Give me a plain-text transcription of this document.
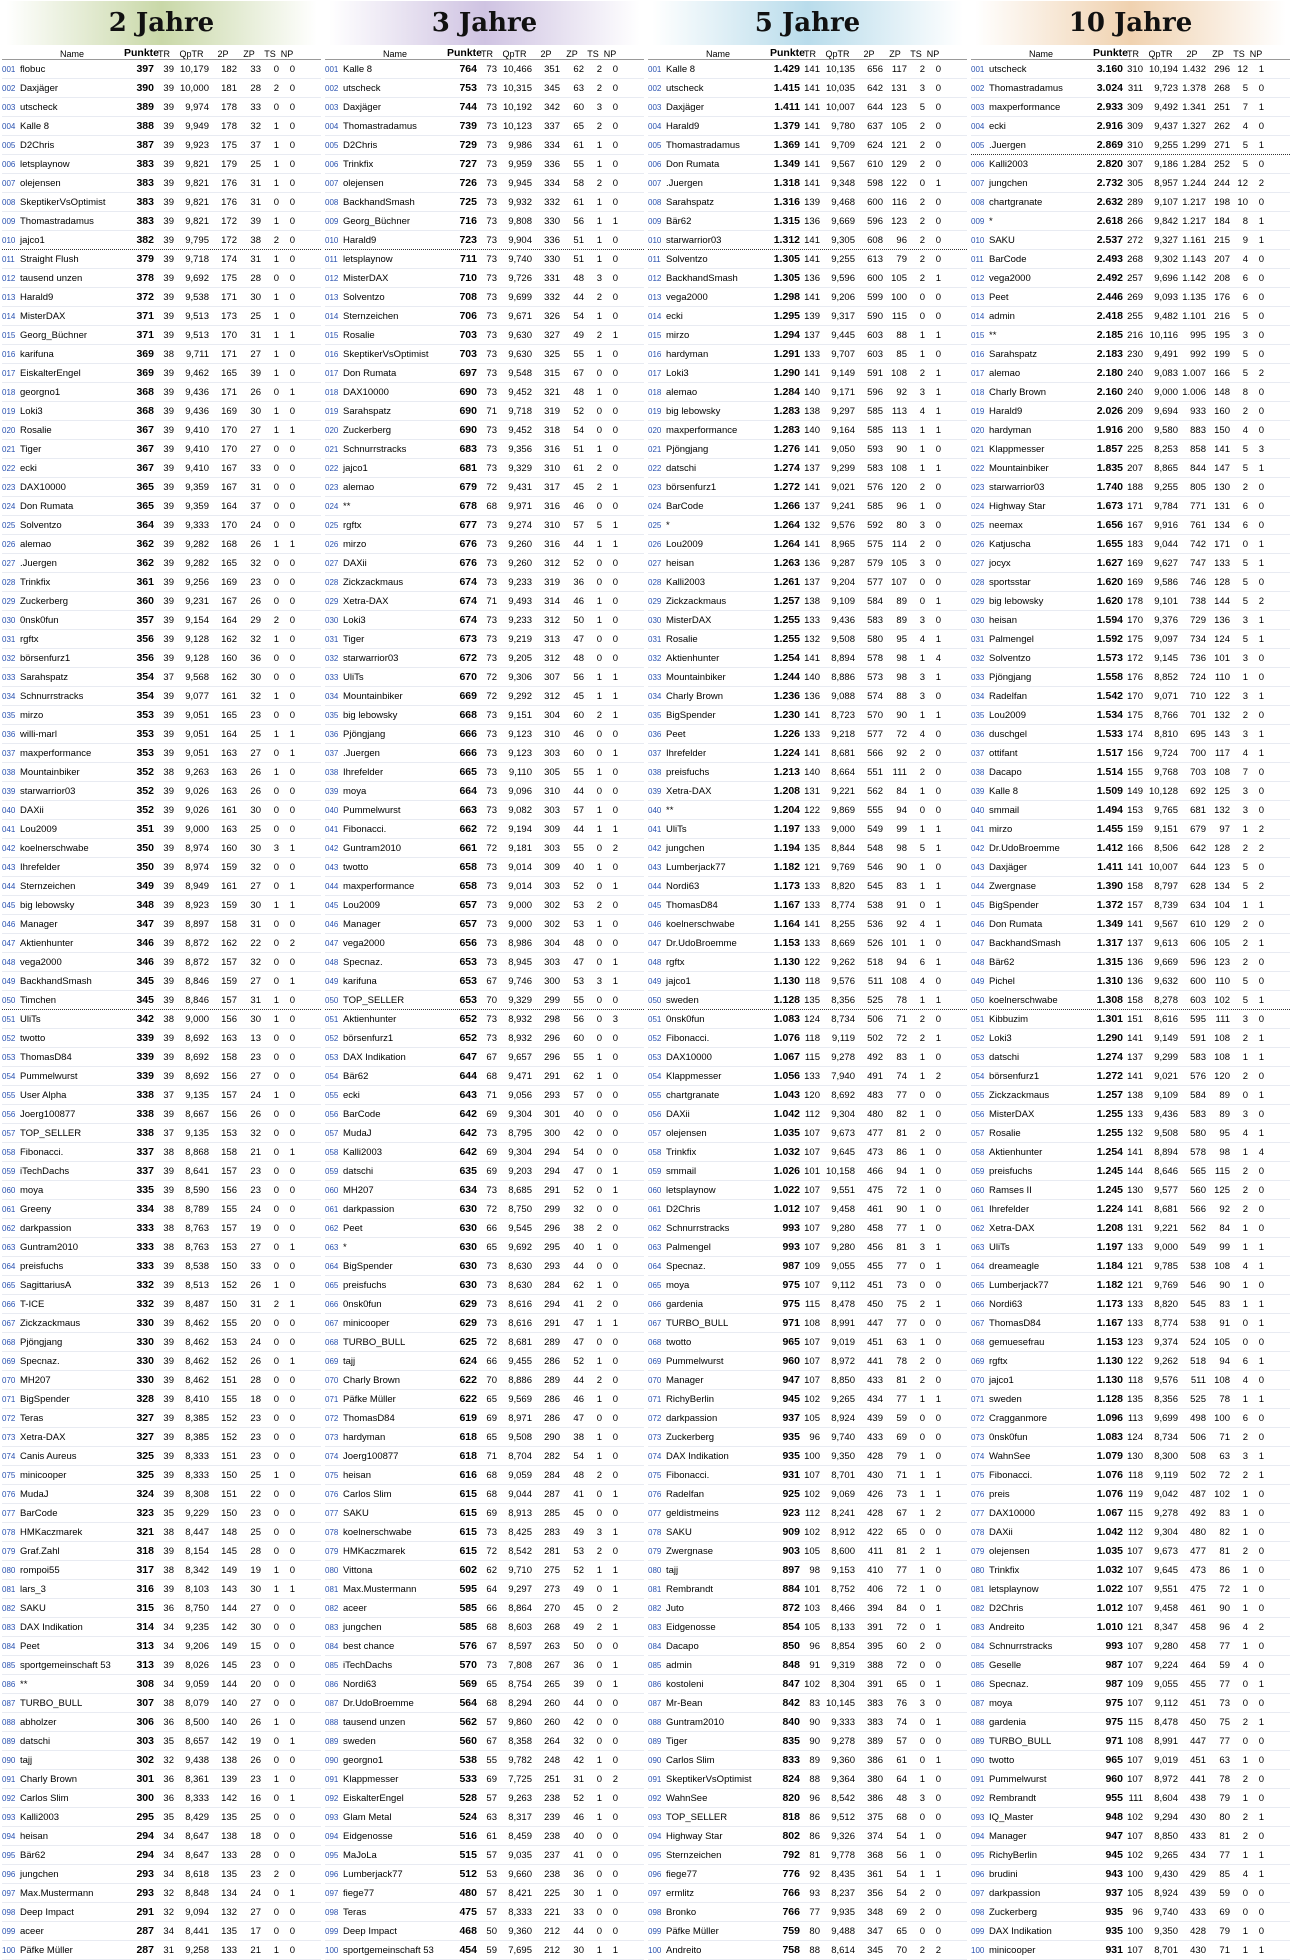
2 Jahre
Name	Punkte
TR	QpTR	2P	ZP	TS NP
001 flobuc	397 39 10,179	182	33	0	0
002 Daxjäger	390 39 10,000	181	28	2	0
003 utscheck	389 39	9,974	178	33	0	0
004 Kalle 8	388 39	9,949	178	32	1	0
005 D2Chris	387 39	9,923	175	37	1	0
006 letsplaynow	383 39	9,821	179	25	1	0
007 olejensen	383 39	9,821	176	31	1	0
008 SkeptikerVsOptimist	383 39	9,821	176	31	0	0
009 Thomastradamus	383 39	9,821	172	39	1	0
010 jajco1	382 39	9,795	172	38	2	0
011 Straight Flush	379 39	9,718	174	31	1	0
012 tausend unzen	378 39	9,692	175	28	0	0
013 Harald9	372 39	9,538	171	30	1	0
014 MisterDAX	371 39	9,513	173	25	1	0
015 Georg_Büchner	371 39	9,513	170	31	1	1
016 karifuna	369 38	9,711	171	27	1	0
017 EiskalterEngel	369 39	9,462	165	39	1	0
018 georgno1	368 39	9,436	171	26	0	1
019 Loki3	368 39	9,436	169	30	1	0
020 Rosalie	367 39	9,410	170	27	1	1
021 Tiger	367 39	9,410	170	27	0	0
022 ecki	367 39	9,410	167	33	0	0
023 DAX10000	365 39	9,359	167	31	0	0
024 Don Rumata	365 39	9,359	164	37	0	0
025 Solventzo	364 39	9,333	170	24	0	0
026 alemao	362 39	9,282	168	26	1	1
027 .Juergen	362 39	9,282	165	32	0	0
028 Trinkfix	361 39	9,256	169	23	0	0
029 Zuckerberg	360 39	9,231	167	26	0	0
030 0nsk0fun	357 39	9,154	164	29	2	0
031 rgftx	356 39	9,128	162	32	1	0
032 börsenfurz1	356 39	9,128	160	36	0	0
033 Sarahspatz	354 37	9,568	162	30	0	0
034 Schnurrstracks	354 39	9,077	161	32	1	0
035 mirzo	353 39	9,051	165	23	0	0
036 willi-marl	353 39	9,051	164	25	1	1
037 maxperformance	353 39	9,051	163	27	0	1
038 Mountainbiker	352 38	9,263	163	26	1	0
039 starwarrior03	352 39	9,026	163	26	0	0
040 DAXii	352 39	9,026	161	30	0	0
041 Lou2009	351 39	9,000	163	25	0	0
042 koelnerschwabe	350 39	8,974	160	30	3	1
043 Ihrefelder	350 39	8,974	159	32	0	0
044 Sternzeichen	349 39	8,949	161	27	0	1
045 big lebowsky	348 39	8,923	159	30	1	1
046 Manager	347 39	8,897	158	31	0	0
047 Aktienhunter	346 39	8,872	162	22	0	2
048 vega2000	346 39	8,872	157	32	0	0
049 BackhandSmash	345 39	8,846	159	27	0	1
050 Timchen	345 39	8,846	157	31	1	0
051 UliTs	342 38	9,000	156	30	1	0
052 twotto	339 39	8,692	163	13	0	0
053 ThomasD84	339 39	8,692	158	23	0	0
054 Pummelwurst	339 39	8,692	156	27	0	0
055 User Alpha	338 37	9,135	157	24	1	0
056 Joerg100877	338 39	8,667	156	26	0	0
057 TOP_SELLER	338 37	9,135	153	32	0	0
058 Fibonacci.	337 38	8,868	158	21	0	1
059 iTechDachs	337 39	8,641	157	23	0	0
060 moya	335 39	8,590	156	23	0	0
061 Greeny	334 38	8,789	155	24	0	0
062 darkpassion	333 38	8,763	157	19	0	0
063 Guntram2010	333 38	8,763	153	27	0	1
064 preisfuchs	333 39	8,538	150	33	0	0
065 SagittariusA	332 39	8,513	152	26	1	0
066 T-ICE	332 39	8,487	150	31	2	1
067 Zickzackmaus	330 39	8,462	155	20	0	0
068 Pjöngjang	330 39	8,462	153	24	0	0
069 Specnaz.	330 39	8,462	152	26	0	1
070 MH207	330 39	8,462	151	28	0	0
071 BigSpender	328 39	8,410	155	18	0	0
072 Teras	327 39	8,385	152	23	0	0
073 Xetra-DAX	327 39	8,385	152	23	0	0
074 Canis Aureus	325 39	8,333	151	23	0	0
075 minicooper	325 39	8,333	150	25	1	0
076 MudaJ	324 39	8,308	151	22	0	0
077 BarCode	323 35	9,229	150	23	0	0
078 HMKaczmarek	321 38	8,447	148	25	0	0
079 Graf.Zahl	318 39	8,154	145	28	0	0
080 rompoi55	317 38	8,342	149	19	1	0
081 lars_3	316 39	8,103	143	30	1	1
082 SAKU	315 36	8,750	144	27	0	0
083 DAX Indikation	314 34	9,235	142	30	0	0
084 Peet	313 34	9,206	149	15	0	0
085 sportgemeinschaft 53	313 39	8,026	145	23	0	0
086 **	308 34	9,059	144	20	0	0
087 TURBO_BULL	307 38	8,079	140	27	0	0
088 abholzer	306 36	8,500	140	26	1	0
089 datschi	303 35	8,657	142	19	0	1
090 tajj	302 32	9,438	138	26	0	0
091 Charly Brown	301 36	8,361	139	23	1	0
092 Carlos Slim	300 36	8,333	142	16	0	1
093 Kalli2003	295 35	8,429	135	25	0	0
094 heisan	294 34	8,647	138	18	0	0
095 Bär62	294 34	8,647	133	28	0	0
096 jungchen	293 34	8,618	135	23	2	0
097 Max.Mustermann	293 32	8,848	134	24	0	1
098 Deep Impact	291 32	9,094	132	27	0	0
099 aceer	287 34	8,441	135	17	0	0
100 Päfke Müller	287 31	9,258	133	21	1	0
3 Jahre
Name	Punkte
TR	QpTR	2P	ZP	TS NP
001 Kalle 8	764 73 10,466	351	62	2	0
002 utscheck	753 73 10,315	345	63	2	0
003 Daxjäger	744 73 10,192	342	60	3	0
004 Thomastradamus	739 73 10,123	337	65	2	0
005 D2Chris	729 73	9,986	334	61	1	0
006 Trinkfix	727 73	9,959	336	55	1	0
007 olejensen	726 73	9,945	334	58	2	0
008 BackhandSmash	725 73	9,932	332	61	1	0
009 Georg_Büchner	716 73	9,808	330	56	1	1
010 Harald9	723 73	9,904	336	51	1	0
011 letsplaynow	711 73	9,740	330	51	1	0
012 MisterDAX	710 73	9,726	331	48	3	0
013 Solventzo	708 73	9,699	332	44	2	0
014 Sternzeichen	706 73	9,671	326	54	1	0
015 Rosalie	703 73	9,630	327	49	2	1
016 SkeptikerVsOptimist	703 73	9,630	325	55	1	0
017 Don Rumata	697 73	9,548	315	67	0	0
018 DAX10000	690 73	9,452	321	48	1	0
019 Sarahspatz	690 71	9,718	319	52	0	0
020 Zuckerberg	690 73	9,452	318	54	0	0
021 Schnurrstracks	683 73	9,356	316	51	1	0
022 jajco1	681 73	9,329	310	61	2	0
023 alemao	679 72	9,431	317	45	2	1
024 **	678 68	9,971	316	46	0	0
025 rgftx	677 73	9,274	310	57	5	1
026 mirzo	676 73	9,260	316	44	1	1
027 DAXii	676 73	9,260	312	52	0	0
028 Zickzackmaus	674 73	9,233	319	36	0	0
029 Xetra-DAX	674 71	9,493	314	46	1	0
030 Loki3	674 73	9,233	312	50	1	0
031 Tiger	673 73	9,219	313	47	0	0
032 starwarrior03	672 73	9,205	312	48	0	0
033 UliTs	670 72	9,306	307	56	1	1
034 Mountainbiker	669 72	9,292	312	45	1	1
035 big lebowsky	668 73	9,151	304	60	2	1
036 Pjöngjang	666 73	9,123	310	46	0	0
037 .Juergen	666 73	9,123	303	60	0	1
038 Ihrefelder	665 73	9,110	305	55	1	0
039 moya	664 73	9,096	310	44	0	0
040 Pummelwurst	663 73	9,082	303	57	1	0
041 Fibonacci.	662 72	9,194	309	44	1	1
042 Guntram2010	661 72	9,181	303	55	0	2
043 twotto	658 73	9,014	309	40	1	0
044 maxperformance	658 73	9,014	303	52	0	1
045 Lou2009	657 73	9,000	302	53	2	0
046 Manager	657 73	9,000	302	53	1	0
047 vega2000	656 73	8,986	304	48	0	0
048 Specnaz.	653 73	8,945	303	47	0	1
049 karifuna	653 67	9,746	300	53	3	1
050 TOP_SELLER	653 70	9,329	299	55	0	0
051 Aktienhunter	652 73	8,932	298	56	0	3
052 börsenfurz1	652 73	8,932	296	60	0	0
053 DAX Indikation	647 67	9,657	296	55	1	0
054 Bär62	644 68	9,471	291	62	1	0
055 ecki	643 71	9,056	293	57	0	0
056 BarCode	642 69	9,304	301	40	0	0
057 MudaJ	642 73	8,795	300	42	0	0
058 Kalli2003	642 69	9,304	294	54	0	0
059 datschi	635 69	9,203	294	47	0	1
060 MH207	634 73	8,685	291	52	0	1
061 darkpassion	630 72	8,750	299	32	0	0
062 Peet	630 66	9,545	296	38	2	0
063 *	630 65	9,692	295	40	1	0
064 BigSpender	630 73	8,630	293	44	0	0
065 preisfuchs	630 73	8,630	284	62	1	0
066 0nsk0fun	629 73	8,616	294	41	2	0
067 minicooper	629 73	8,616	291	47	1	1
068 TURBO_BULL	625 72	8,681	289	47	0	0
069 tajj	624 66	9,455	286	52	1	0
070 Charly Brown	622 70	8,886	289	44	2	0
071 Päfke Müller	622 65	9,569	286	46	1	0
072 ThomasD84	619 69	8,971	286	47	0	0
073 hardyman	618 65	9,508	290	38	1	0
074 Joerg100877	618 71	8,704	282	54	1	0
075 heisan	616 68	9,059	284	48	2	0
076 Carlos Slim	615 68	9,044	287	41	0	1
077 SAKU	615 69	8,913	285	45	0	0
078 koelnerschwabe	615 73	8,425	283	49	3	1
079 HMKaczmarek	615 72	8,542	281	53	2	0
080 Vittona	602 62	9,710	275	52	1	1
081 Max.Mustermann	595 64	9,297	273	49	0	1
082 aceer	585 66	8,864	270	45	0	2
083 jungchen	585 68	8,603	268	49	2	1
084 best chance	576 67	8,597	263	50	0	0
085 iTechDachs	570 73	7,808	267	36	0	1
086 Nordi63	569 65	8,754	265	39	0	1
087 Dr.UdoBroemme	564 68	8,294	260	44	0	0
088 tausend unzen	562 57	9,860	260	42	0	0
089 sweden	560 67	8,358	264	32	0	0
090 georgno1	538 55	9,782	248	42	1	0
091 Klappmesser	533 69	7,725	251	31	0	2
092 EiskalterEngel	528 57	9,263	238	52	1	0
093 Glam Metal	524 63	8,317	239	46	1	0
094 Eidgenosse	516 61	8,459	238	40	0	0
095 MaJoLa	515 57	9,035	237	41	0	0
096 Lumberjack77	512 53	9,660	238	36	0	0
097 fiege77	480 57	8,421	225	30	1	0
098 Teras	475 57	8,333	221	33	0	0
099 Deep Impact	468 50	9,360	212	44	0	0
100 sportgemeinschaft 53	454 59	7,695	212	30	1	1
5 Jahre
Name	Punkte
TR	QpTR	2P	ZP	TS NP
001 Kalle 8	1.429 141 10,135	656 117	2	0
002 utscheck	1.415 141 10,035	642 131	3	0
003 Daxjäger	1.411 141 10,007	644 123	5	0
004 Harald9	1.379 141	9,780	637 105	2	0
005 Thomastradamus	1.369 141	9,709	624 121	2	0
006 Don Rumata	1.349 141	9,567	610 129	2	0
007 .Juergen	1.318 141	9,348	598 122	0	1
008 Sarahspatz	1.316 139	9,468	600 116	2	0
009 Bär62	1.315 136	9,669	596 123	2	0
010 starwarrior03	1.312 141	9,305	608	96	2	0
011 Solventzo	1.305 141	9,255	613	79	2	0
012 BackhandSmash	1.305 136	9,596	600 105	2	1
013 vega2000	1.298 141	9,206	599 100	0	0
014 ecki	1.295 139	9,317	590 115	0	0
015 mirzo	1.294 137	9,445	603	88	1	1
016 hardyman	1.291 133	9,707	603	85	1	0
017 Loki3	1.290 141	9,149	591 108	2	1
018 alemao	1.284 140	9,171	596	92	3	1
019 big lebowsky	1.283 138	9,297	585 113	4	1
020 maxperformance	1.283 140	9,164	585 113	1	1
021 Pjöngjang	1.276 141	9,050	593	90	1	0
022 datschi	1.274 137	9,299	583 108	1	1
023 börsenfurz1	1.272 141	9,021	576 120	2	0
024 BarCode	1.266 137	9,241	585	96	1	0
025 *	1.264 132	9,576	592	80	3	0
026 Lou2009	1.264 141	8,965	575 114	2	0
027 heisan	1.263 136	9,287	579 105	3	0
028 Kalli2003	1.261 137	9,204	577 107	0	0
029 Zickzackmaus	1.257 138	9,109	584	89	0	1
030 MisterDAX	1.255 133	9,436	583	89	3	0
031 Rosalie	1.255 132	9,508	580	95	4	1
032 Aktienhunter	1.254 141	8,894	578	98	1	4
033 Mountainbiker	1.244 140	8,886	573	98	3	1
034 Charly Brown	1.236 136	9,088	574	88	3	0
035 BigSpender	1.230 141	8,723	570	90	1	1
036 Peet	1.226 133	9,218	577	72	4	0
037 Ihrefelder	1.224 141	8,681	566	92	2	0
038 preisfuchs	1.213 140	8,664	551	111	2	0
039 Xetra-DAX	1.208 131	9,221	562	84	1	0
040 **	1.204 122	9,869	555	94	0	0
041 UliTs	1.197 133	9,000	549	99	1	1
042 jungchen	1.194 135	8,844	548	98	5	1
043 Lumberjack77	1.182 121	9,769	546	90	1	0
044 Nordi63	1.173 133	8,820	545	83	1	1
045 ThomasD84	1.167 133	8,774	538	91	0	1
046 koelnerschwabe	1.164 141	8,255	536	92	4	1
047 Dr.UdoBroemme	1.153 133	8,669	526 101	1	0
048 rgftx	1.130 122	9,262	518	94	6	1
049 jajco1	1.130 118	9,576	511 108	4	0
050 sweden	1.128 135	8,356	525	78	1	1
051 0nsk0fun	1.083 124	8,734	506	71	2	0
052 Fibonacci.	1.076 118	9,119	502	72	2	1
053 DAX10000	1.067 115	9,278	492	83	1	0
054 Klappmesser	1.056 133	7,940	491	74	1	2
055 chartgranate	1.043 120	8,692	483	77	0	0
056 DAXii	1.042 112	9,304	480	82	1	0
057 olejensen	1.035 107	9,673	477	81	2	0
058 Trinkfix	1.032 107	9,645	473	86	1	0
059 smmail	1.026 101 10,158	466	94	1	0
060 letsplaynow	1.022 107	9,551	475	72	1	0
061 D2Chris	1.012 107	9,458	461	90	1	0
062 Schnurrstracks	993 107	9,280	458	77	1	0
063 Palmengel	993 107	9,280	456	81	3	1
064 Specnaz.	987 109	9,055	455	77	0	1
065 moya	975 107	9,112	451	73	0	0
066 gardenia	975 115	8,478	450	75	2	1
067 TURBO_BULL	971 108	8,991	447	77	0	0
068 twotto	965 107	9,019	451	63	1	0
069 Pummelwurst	960 107	8,972	441	78	2	0
070 Manager	947 107	8,850	433	81	2	0
071 RichyBerlin	945 102	9,265	434	77	1	1
072 darkpassion	937 105	8,924	439	59	0	0
073 Zuckerberg	935 96	9,740	433	69	0	0
074 DAX Indikation	935 100	9,350	428	79	1	0
075 Fibonacci.	931 107	8,701	430	71	1	1
076 Radelfan	925 102	9,069	426	73	1	1
077 geldistmeins	923 112	8,241	428	67	1	2
078 SAKU	909 102	8,912	422	65	0	0
079 Zwergnase	903 105	8,600	411	81	2	1
080 tajj	897 98	9,153	410	77	1	0
081 Rembrandt	884 101	8,752	406	72	1	0
082 Juto	872 103	8,466	394	84	0	1
083 Eidgenosse	854 105	8,133	391	72	0	1
084 Dacapo	850 96	8,854	395	60	2	0
085 admin	848 91	9,319	388	72	0	0
086 kostoleni	847 102	8,304	391	65	0	1
087 Mr-Bean	842 83 10,145	383	76	3	0
088 Guntram2010	840 90	9,333	383	74	0	1
089 Tiger	835 90	9,278	389	57	0	0
090 Carlos Slim	833 89	9,360	386	61	0	1
091 SkeptikerVsOptimist	824 88	9,364	380	64	1	0
092 WahnSee	820 96	8,542	386	48	3	0
093 TOP_SELLER	818 86	9,512	375	68	0	0
094 Highway Star	802 86	9,326	374	54	1	0
095 Sternzeichen	792 81	9,778	368	56	1	0
096 fiege77	776 92	8,435	361	54	1	1
097 ermlitz	766 93	8,237	356	54	2	0
098 Bronko	766 77	9,935	348	69	2	0
099 Päfke Müller	759 80	9,488	347	65	0	0
100 Andreito	758 88	8,614	345	70	2	2
10 Jahre
Name	Punkte
TR	QpTR	2P	ZP	TS NP
001 utscheck	3.160 310 10,194 1.432 296 12	1
002 Thomastradamus	3.024 311	9,723 1.378 268	5	0
003 maxperformance	2.933 309	9,492 1.341 251	7	1
004 ecki	2.916 309	9,437 1.327 262	4	0
005 .Juergen	2.869 310	9,255 1.299 271	5	1
006 Kalli2003	2.820 307	9,186 1.284 252	5	0
007 jungchen	2.732 305	8,957 1.244 244 12	2
008 chartgranate	2.632 289	9,107 1.217 198 10	0
009 *	2.618 266	9,842 1.217 184	8	1
010 SAKU	2.537 272	9,327 1.161 215	9	1
011 BarCode	2.493 268	9,302 1.143 207	4	0
012 vega2000	2.492 257	9,696 1.142 208	6	0
013 Peet	2.446 269	9,093 1.135 176	6	0
014 admin	2.418 255	9,482 1.101 216	5	0
015 **	2.185 216 10,116	995 195	3	0
016 Sarahspatz	2.183 230	9,491	992 199	5	0
017 alemao	2.180 240	9,083 1.007 166	5	2
018 Charly Brown	2.160 240	9,000 1.006 148	8	0
019 Harald9	2.026 209	9,694	933 160	2	0
020 hardyman	1.916 200	9,580	883 150	4	0
021 Klappmesser	1.857 225	8,253	858 141	5	3
022 Mountainbiker	1.835 207	8,865	844 147	5	1
023 starwarrior03	1.740 188	9,255	805 130	2	0
024 Highway Star	1.673 171	9,784	771 131	6	0
025 neemax	1.656 167	9,916	761 134	6	0
026 Katjuscha	1.655 183	9,044	742 171	0	1
027 jocyx	1.627 169	9,627	747 133	5	1
028 sportsstar	1.620 169	9,586	746 128	5	0
029 big lebowsky	1.620 178	9,101	738 144	5	2
030 heisan	1.594 170	9,376	729 136	3	1
031 Palmengel	1.592 175	9,097	734 124	5	1
032 Solventzo	1.573 172	9,145	736 101	3	0
033 Pjöngjang	1.558 176	8,852	724 110	1	0
034 Radelfan	1.542 170	9,071	710 122	3	1
035 Lou2009	1.534 175	8,766	701 132	2	0
036 duschgel	1.533 174	8,810	695 143	3	1
037 ottifant	1.517 156	9,724	700 117	4	1
038 Dacapo	1.514 155	9,768	703 108	7	0
039 Kalle 8	1.509 149 10,128	692 125	3	0
040 smmail	1.494 153	9,765	681 132	3	0
041 mirzo	1.455 159	9,151	679	97	1	2
042 Dr.UdoBroemme	1.412 166	8,506	642 128	2	2
043 Daxjäger	1.411 141 10,007	644 123	5	0
044 Zwergnase	1.390 158	8,797	628 134	5	2
045 BigSpender	1.372 157	8,739	634 104	1	1
046 Don Rumata	1.349 141	9,567	610 129	2	0
047 BackhandSmash	1.317 137	9,613	606 105	2	1
048 Bär62	1.315 136	9,669	596 123	2	0
049 Pichel	1.310 136	9,632	600 110	5	0
050 koelnerschwabe	1.308 158	8,278	603 102	5	1
051 Kibbuzim	1.301 151	8,616	595	111	3	0
052 Loki3	1.290 141	9,149	591 108	2	1
053 datschi	1.274 137	9,299	583 108	1	1
054 börsenfurz1	1.272 141	9,021	576 120	2	0
055 Zickzackmaus	1.257 138	9,109	584	89	0	1
056 MisterDAX	1.255 133	9,436	583	89	3	0
057 Rosalie	1.255 132	9,508	580	95	4	1
058 Aktienhunter	1.254 141	8,894	578	98	1	4
059 preisfuchs	1.245 144	8,646	565 115	2	0
060 Ramses II	1.245 130	9,577	560 125	2	0
061 Ihrefelder	1.224 141	8,681	566	92	2	0
062 Xetra-DAX	1.208 131	9,221	562	84	1	0
063 UliTs	1.197 133	9,000	549	99	1	1
064 dreameagle	1.184 121	9,785	538 108	4	1
065 Lumberjack77	1.182 121	9,769	546	90	1	0
066 Nordi63	1.173 133	8,820	545	83	1	1
067 ThomasD84	1.167 133	8,774	538	91	0	1
068 gemuesefrau	1.153 123	9,374	524 105	0	0
069 rgftx	1.130 122	9,262	518	94	6	1
070 jajco1	1.130 118	9,576	511 108	4	0
071 sweden	1.128 135	8,356	525	78	1	1
072 Cragganmore	1.096 113	9,699	498 100	6	0
073 0nsk0fun	1.083 124	8,734	506	71	2	0
074 WahnSee	1.079 130	8,300	508	63	3	1
075 Fibonacci.	1.076 118	9,119	502	72	2	1
076 preis	1.076 119	9,042	487 102	1	0
077 DAX10000	1.067 115	9,278	492	83	1	0
078 DAXii	1.042 112	9,304	480	82	1	0
079 olejensen	1.035 107	9,673	477	81	2	0
080 Trinkfix	1.032 107	9,645	473	86	1	0
081 letsplaynow	1.022 107	9,551	475	72	1	0
082 D2Chris	1.012 107	9,458	461	90	1	0
083 Andreito	1.010 121	8,347	458	96	4	2
084 Schnurrstracks	993 107	9,280	458	77	1	0
085 Geselle	987 107	9,224	464	59	4	0
086 Specnaz.	987 109	9,055	455	77	0	1
087 moya	975 107	9,112	451	73	0	0
088 gardenia	975 115	8,478	450	75	2	1
089 TURBO_BULL	971 108	8,991	447	77	0	0
090 twotto	965 107	9,019	451	63	1	0
091 Pummelwurst	960 107	8,972	441	78	2	0
092 Rembrandt	955 111	8,604	438	79	1	0
093 IQ_Master	948 102	9,294	430	80	2	1
094 Manager	947 107	8,850	433	81	2	0
095 RichyBerlin	945 102	9,265	434	77	1	1
096 brudini	943 100	9,430	429	85	4	1
097 darkpassion	937 105	8,924	439	59	0	0
098 Zuckerberg	935 96	9,740	433	69	0	0
099 DAX Indikation	935 100	9,350	428	79	1	0
100 minicooper	931 107	8,701	430	71	1	1
